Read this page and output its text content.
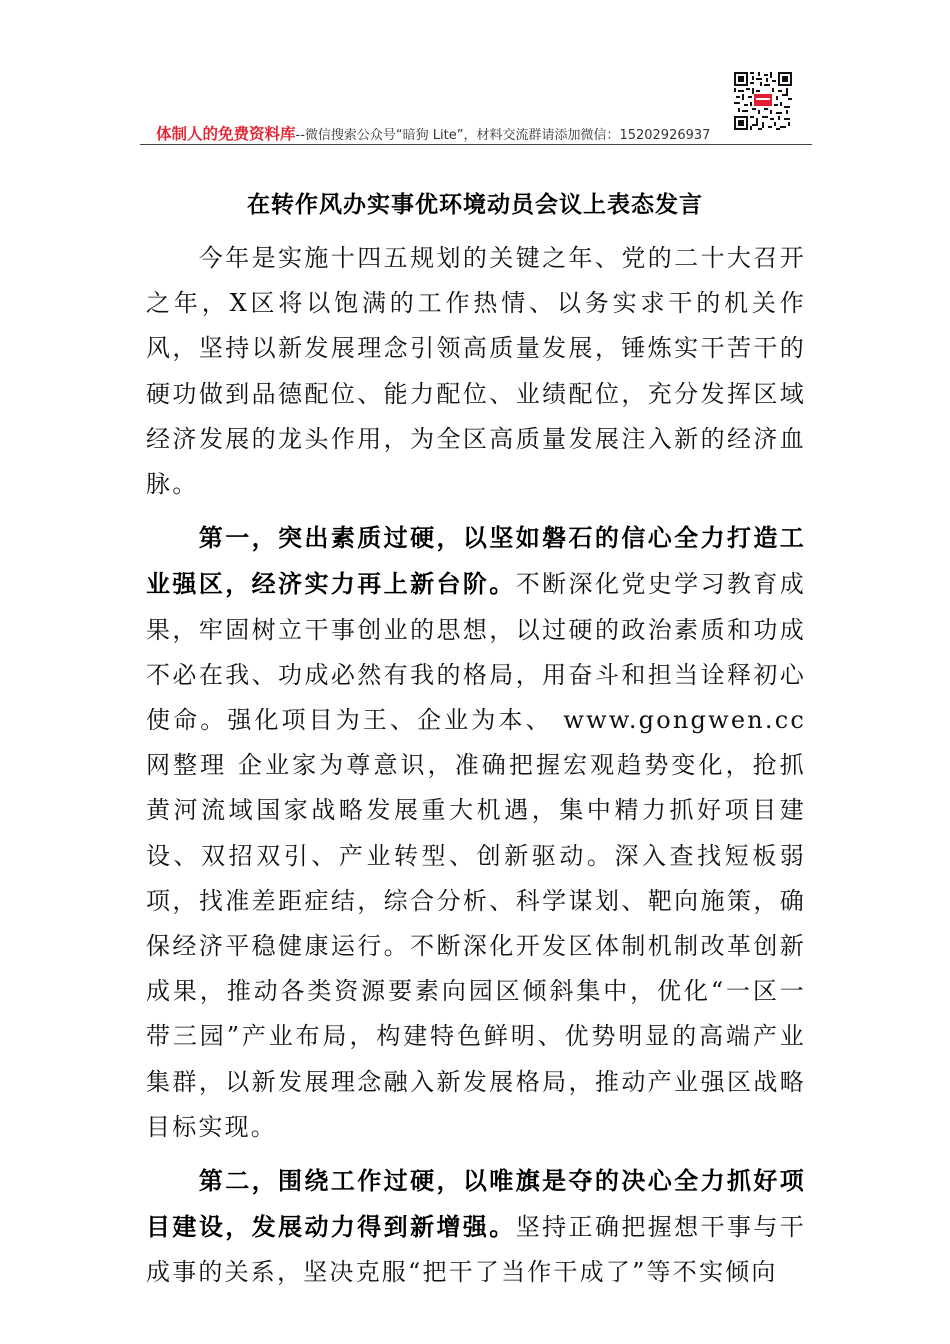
体制人的免费资料库--微信搜索公众号“暗狗 Lite”，材料交流群请添加微信：15202926937
在转作风办实事优环境动员会议上表态发言

今年是实施十四五规划的关键之年、党的二十大召开之年，X区将以饱满的工作热情、以务实求干的机关作风，坚持以新发展理念引领高质量发展，锤炼实干苦干的硬功做到品德配位、能力配位、业绩配位，充分发挥区域经济发展的龙头作用，为全区高质量发展注入新的经济血脉。

第一，突出素质过硬，以坚如磐石的信心全力打造工业强区，经济实力再上新台阶。不断深化党史学习教育成果，牢固树立干事创业的思想，以过硬的政治素质和功成不必在我、功成必然有我的格局，用奋斗和担当诠释初心使命。强化项目为王、企业为本、 www.gongwen.cc 网整理 企业家为尊意识，准确把握宏观趋势变化，抢抓黄河流域国家战略发展重大机遇，集中精力抓好项目建设、双招双引、产业转型、创新驱动。深入查找短板弱项，找准差距症结，综合分析、科学谋划、靶向施策，确保经济平稳健康运行。不断深化开发区体制机制改革创新成果，推动各类资源要素向园区倾斜集中，优化“一区一带三园”产业布局，构建特色鲜明、优势明显的高端产业集群，以新发展理念融入新发展格局，推动产业强区战略目标实现。

第二，围绕工作过硬，以唯旗是夺的决心全力抓好项目建设，发展动力得到新增强。坚持正确把握想干事与干成事的关系，坚决克服“把干了当作干成了”等不实倾向
